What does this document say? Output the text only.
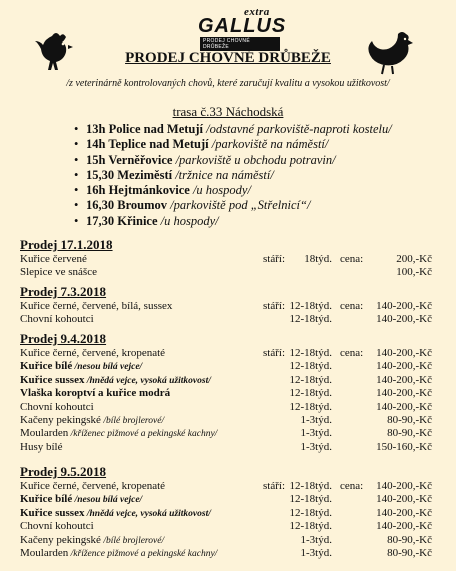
extra
GALLUS
PRODEJ CHOVNÉ DRŮBEŽE
PRODEJ CHOVNÉ DRŮBEŽE
/z veterinárně kontrolovaných chovů, které zaručují kvalitu a vysokou užitkovost/
trasa č.33 Náchodská
• 13h Police nad Metují /odstavné parkoviště-naproti kostelu/
• 14h Teplice nad Metují /parkoviště na náměstí/
• 15h Verněřovice /parkoviště u obchodu potravin/
• 15,30 Meziměstí /tržnice na náměstí/
• 16h Hejtmánkovice /u hospody/
• 16,30 Broumov /parkoviště pod „Střelnicí“/
• 17,30 Křinice /u hospody/
Prodej 17.1.2018
Kuřice červené	stáří: 18týd. cena:	200,-Kč
Slepice ve snášce	100,-Kč
Prodej 7.3.2018
Kuřice černé, červené, bílá, sussex	stáří: 12-18týd. cena: 140-200,-Kč
Chovní kohoutci	12-18týd.	140-200,-Kč
Prodej 9.4.2018
Kuřice černé, červené, kropenaté	stáří: 12-18týd. cena: 140-200,-Kč
Kuřice bílé /nesou bílá vejce/	12-18týd.	140-200,-Kč
Kuřice sussex /hnědá vejce, vysoká užitkovost/	12-18týd.	140-200,-Kč
Vlaška koroptví a kuřice modrá	12-18týd.	140-200,-Kč
Chovní kohoutci	12-18týd.	140-200,-Kč
Kačeny pekingské /bílé brojlerové/	1-3týd.	80-90,-Kč
Moularden /kříženec pižmové a pekingské kachny/	1-3týd.	80-90,-Kč
Husy bílé	1-3týd.	150-160,-Kč
Prodej 9.5.2018
Kuřice černé, červené, kropenaté	stáří: 12-18týd. cena: 140-200,-Kč
Kuřice bílé /nesou bílá vejce/	12-18týd.	140-200,-Kč
Kuřice sussex /hnědá vejce, vysoká užitkovost/	12-18týd.	140-200,-Kč
Chovní kohoutci	12-18týd.	140-200,-Kč
Kačeny pekingské /bílé brojlerové/	1-3týd.	80-90,-Kč
Moularden /křížence pižmové a pekingské kachny/	1-3týd.	80-90,-Kč
